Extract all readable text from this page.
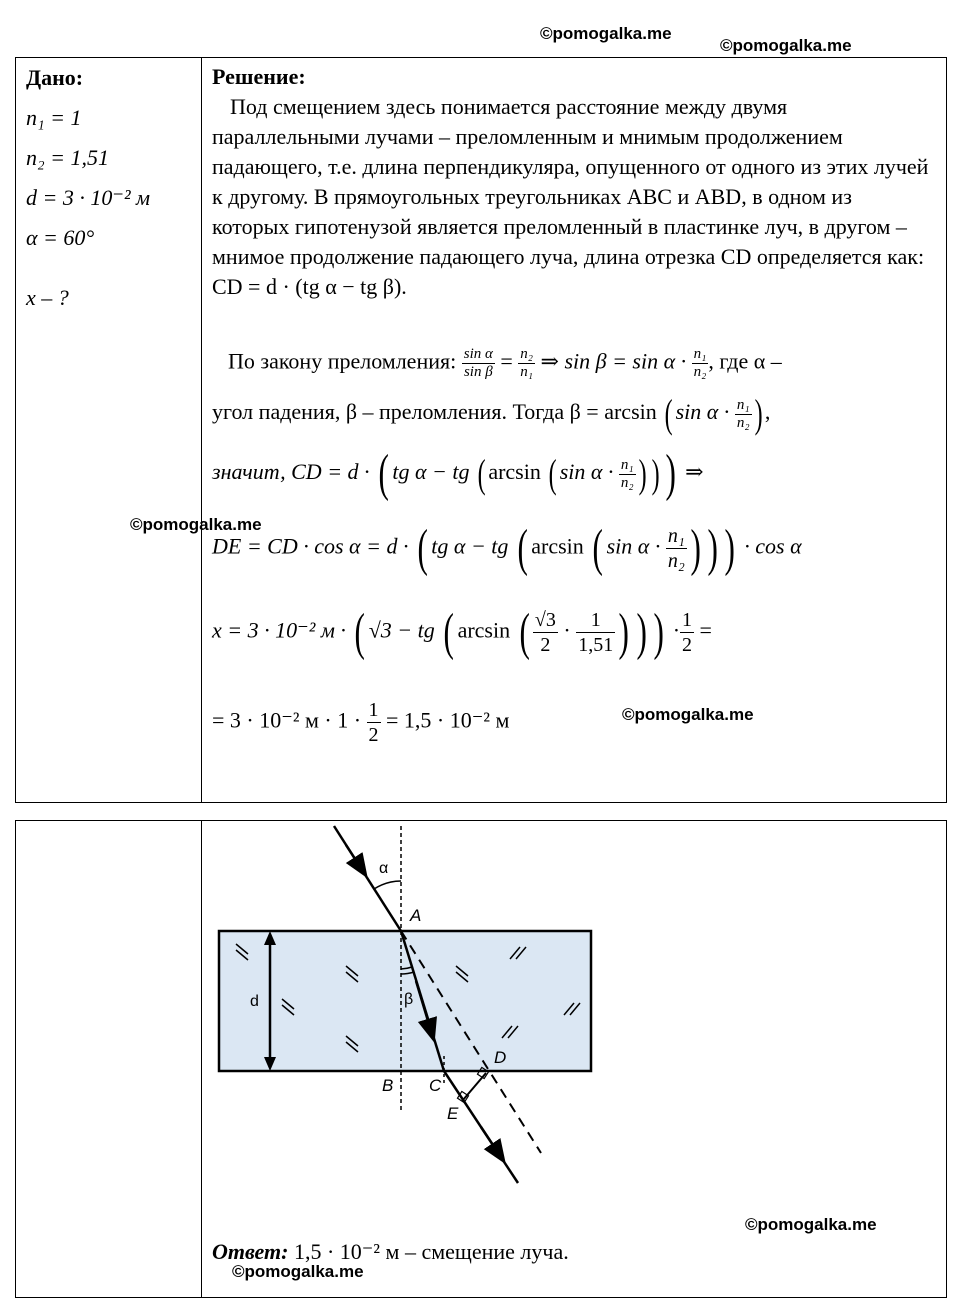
©pomogalka.me
©pomogalka.me
©pomogalka.me
©pomogalka.me
©pomogalka.me
Дано:
n₁ = 1
n₂ = 1,51
d = 3 · 10⁻² м
α = 60°
x – ?
Решение:

Под смещением здесь понимается расстояние между двумя параллельными лучами – преломленным и мнимым продолжением падающего, т.е. длина перпендикуляра, опущенного от одного из этих лучей к другому. В прямоугольных треугольниках ABC и ABD, в одном из которых гипотенузой является преломленный в пластинке луч, в другом – мнимое продолжение падающего луча, длина отрезка CD определяется как: CD = d · (tg α − tg β).

По закону преломления: $\frac{\text{sin α}}{\text{sin β}} = \frac{\text{n₂}}{\text{n₁}}$ ⇒ $\sin \beta = \sin \alpha \cdot \frac{\text{n₁}}{\text{n₂}}$ , где α –
угол падения, β – преломления. Тогда β = arcsin ( $\sin \alpha \cdot \frac{\text{n₁}}{\text{n₂}}$ ) ,
значит, CD = d · ( tg α − tg ( arcsin ( $\sin \alpha \cdot \frac{\text{n₁}}{\text{n₂}}$ ) ) ) ⇒
DE = CD · cos α = d · ( tg α − tg ( arcsin ( $\sin \alpha \cdot \frac{\text{n₁}}{\text{n₂}}$ ) ) ) · cos α
x = 3 · 10⁻² м · ( √3 − tg ( arcsin ( $\frac{√3}{2} \cdot \frac{1}{1,51}$ ) ) ) · $\frac{1}{2}$ =
= 3 · 10⁻² $м \cdot 1 \cdot \frac{1}{2} = 1,5 \cdot 10^{-2}$ м
α
β
A
B C
D
E
d
Ответ: 1,5 · 10⁻² м – смещение луча.
©pomogalka.me
